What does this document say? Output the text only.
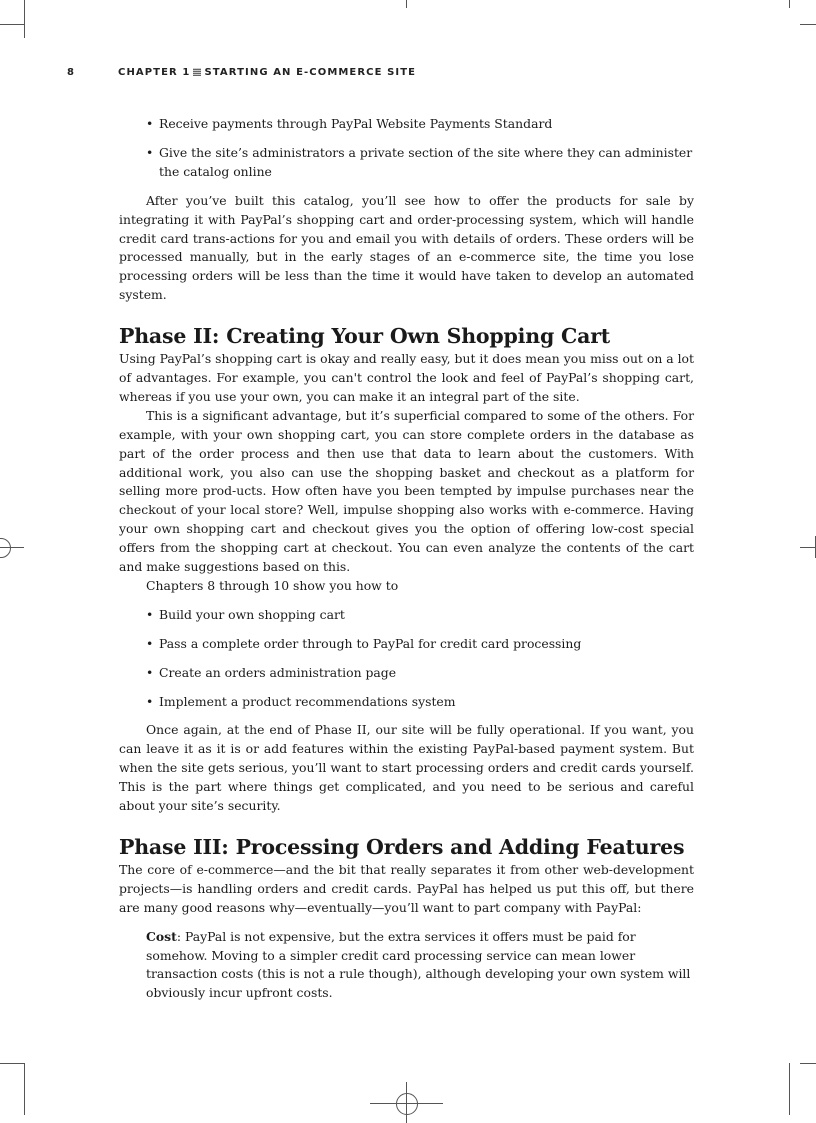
8	CHAPTER 1 STARTING AN E-COMMERCE SITE
• Receive payments through PayPal Website Payments Standard
• Give the site’s administrators a private section of the site where they can administer the catalog online

After you’ve built this catalog, you’ll see how to offer the products for sale by integrating it with PayPal’s shopping cart and order-processing system, which will handle credit card trans-actions for you and email you with details of orders. These orders will be processed manually, but in the early stages of an e-commerce site, the time you lose processing orders will be less than the time it would have taken to develop an automated system.

Phase II: Creating Your Own Shopping Cart

Using PayPal’s shopping cart is okay and really easy, but it does mean you miss out on a lot of advantages. For example, you can't control the look and feel of PayPal’s shopping cart, whereas if you use your own, you can make it an integral part of the site.

This is a significant advantage, but it’s superficial compared to some of the others. For example, with your own shopping cart, you can store complete orders in the database as part of the order process and then use that data to learn about the customers. With additional work, you also can use the shopping basket and checkout as a platform for selling more prod-ucts. How often have you been tempted by impulse purchases near the checkout of your local store? Well, impulse shopping also works with e-commerce. Having your own shopping cart and checkout gives you the option of offering low-cost special offers from the shopping cart at checkout. You can even analyze the contents of the cart and make suggestions based on this.

Chapters 8 through 10 show you how to

• Build your own shopping cart
• Pass a complete order through to PayPal for credit card processing
• Create an orders administration page
• Implement a product recommendations system

Once again, at the end of Phase II, our site will be fully operational. If you want, you can leave it as it is or add features within the existing PayPal-based payment system. But when the site gets serious, you’ll want to start processing orders and credit cards yourself. This is the part where things get complicated, and you need to be serious and careful about your site’s security.

Phase III: Processing Orders and Adding Features

The core of e-commerce—and the bit that really separates it from other web-development projects—is handling orders and credit cards. PayPal has helped us put this off, but there are many good reasons why—eventually—you’ll want to part company with PayPal:

Cost: PayPal is not expensive, but the extra services it offers must be paid for somehow. Moving to a simpler credit card processing service can mean lower transaction costs (this is not a rule though), although developing your own system will obviously incur upfront costs.
